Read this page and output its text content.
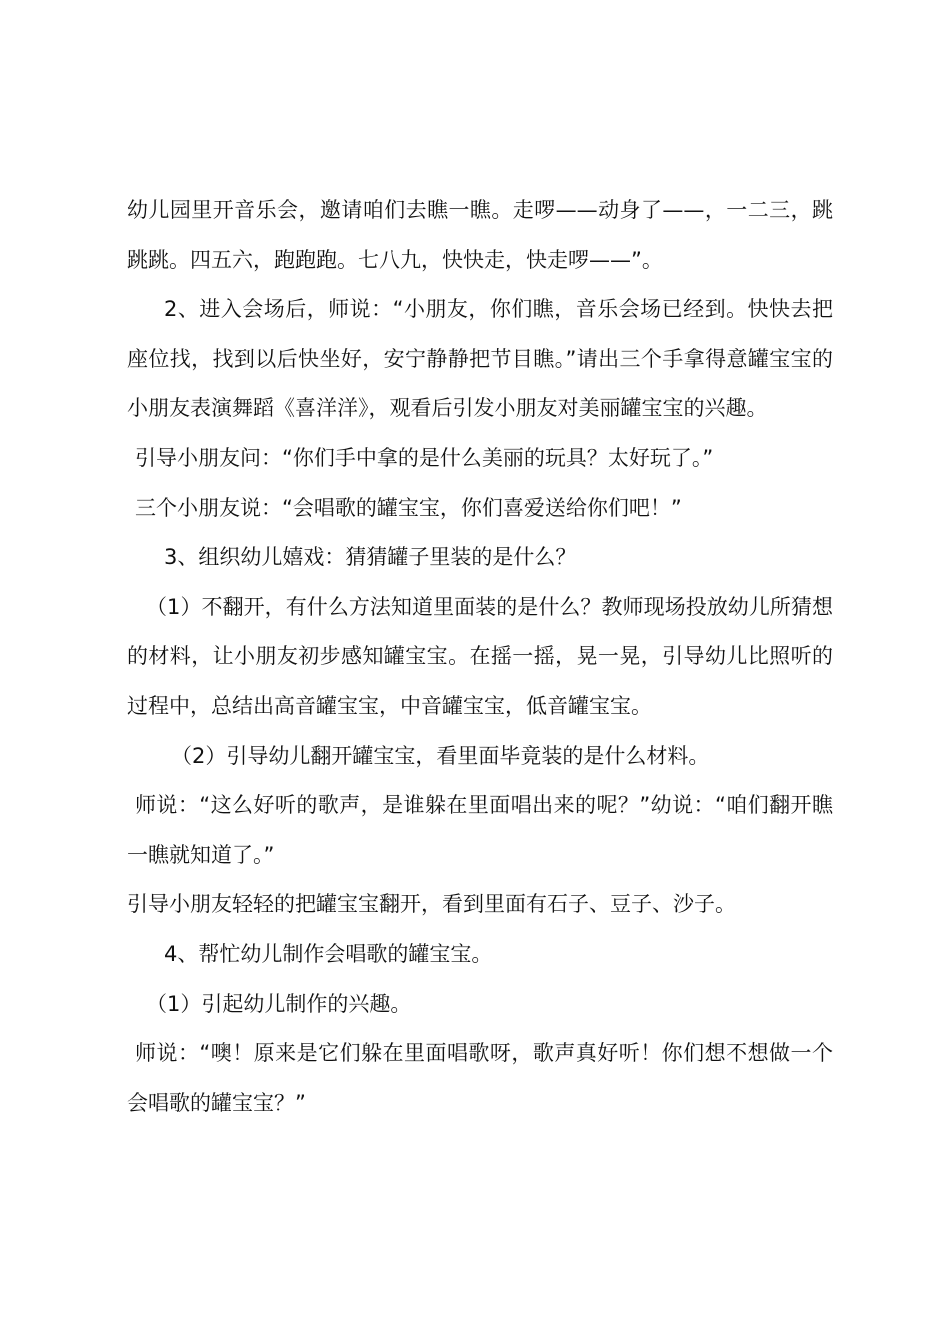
幼儿园里开音乐会，邀请咱们去瞧一瞧。走啰——动身了——，一二三，跳跳跳。四五六，跑跑跑。七八九，快快走，快走啰——”。

2、进入会场后，师说：“小朋友，你们瞧，音乐会场已经到。快快去把座位找，找到以后快坐好，安宁静静把节目瞧。”请出三个手拿得意罐宝宝的小朋友表演舞蹈《喜洋洋》，观看后引发小朋友对美丽罐宝宝的兴趣。

引导小朋友问：“你们手中拿的是什么美丽的玩具？太好玩了。”

三个小朋友说：“会唱歌的罐宝宝，你们喜爱送给你们吧！”

3、组织幼儿嬉戏：猜猜罐子里装的是什么？

（1）不翻开，有什么方法知道里面装的是什么？教师现场投放幼儿所猜想的材料，让小朋友初步感知罐宝宝。在摇一摇，晃一晃，引导幼儿比照听的过程中，总结出高音罐宝宝，中音罐宝宝，低音罐宝宝。

（2）引导幼儿翻开罐宝宝，看里面毕竟装的是什么材料。

师说：“这么好听的歌声，是谁躲在里面唱出来的呢？”幼说：“咱们翻开瞧一瞧就知道了。”

引导小朋友轻轻的把罐宝宝翻开，看到里面有石子、豆子、沙子。

4、帮忙幼儿制作会唱歌的罐宝宝。

（1）引起幼儿制作的兴趣。

师说：“噢！原来是它们躲在里面唱歌呀，歌声真好听！你们想不想做一个会唱歌的罐宝宝？”
